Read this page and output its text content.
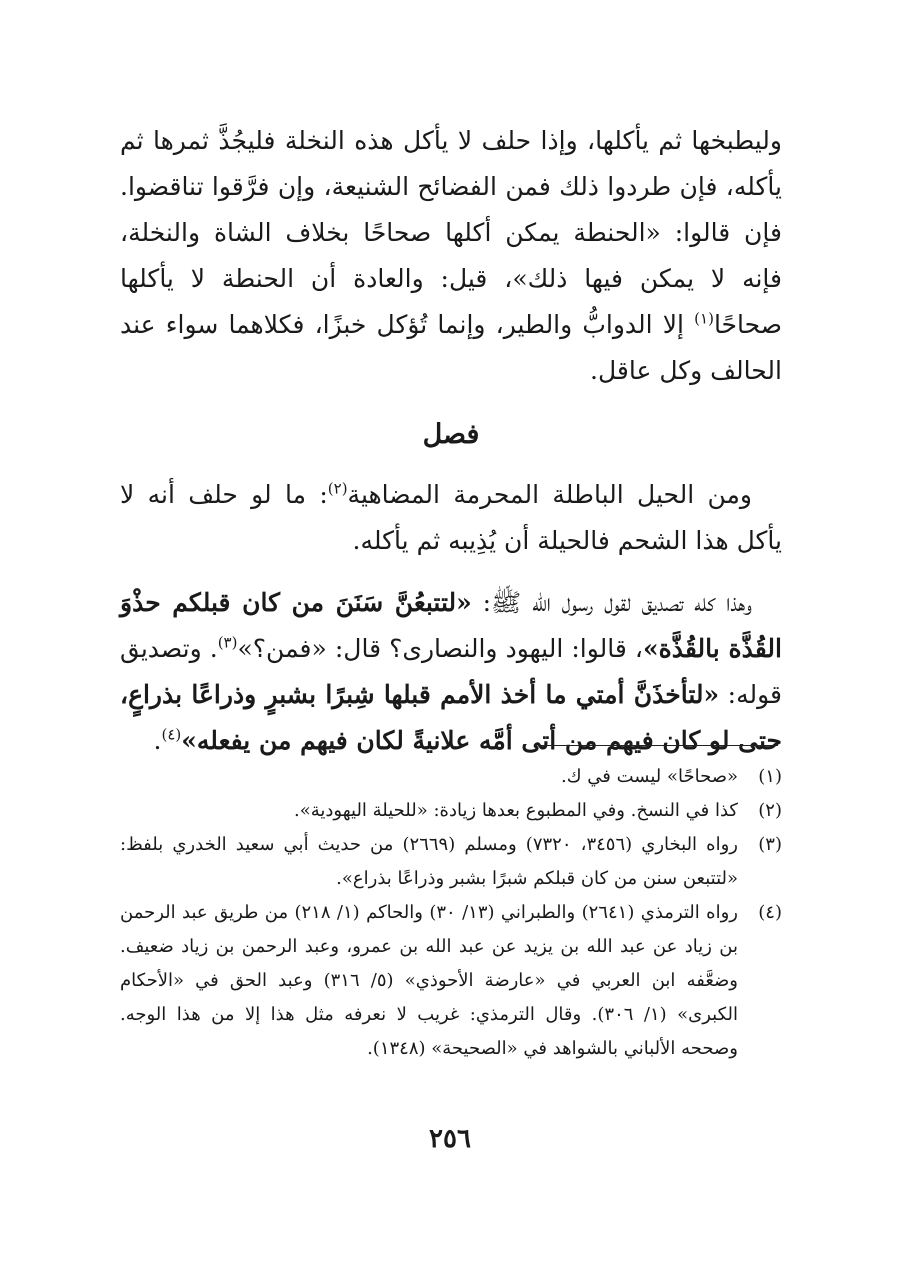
وليطبخها ثم يأكلها، وإذا حلف لا يأكل هذه النخلة فليجُذَّ ثمرها ثم يأكله، فإن طردوا ذلك فمن الفضائح الشنيعة، وإن فرَّقوا تناقضوا. فإن قالوا: «الحنطة يمكن أكلها صحاحًا بخلاف الشاة والنخلة، فإنه لا يمكن فيها ذلك»، قيل: والعادة أن الحنطة لا يأكلها صحاحًا$^{(١)}$ إلا الدوابُّ والطير، وإنما تُؤكل خبزًا، فكلاهما سواء عند الحالف وكل عاقل.

فصل

ومن الحيل الباطلة المحرمة المضاهية$^{(٢)}$: ما لو حلف أنه لا يأكل هذا الشحم فالحيلة أن يُذِيبه ثم يأكله.

وهذا كله تصديق لقول رسول الله ﷺ: «لتتبعُنَّ سَنَنَ من كان قبلكم حذْوَ القُذَّة بالقُذَّة»، قالوا: اليهود والنصارى؟ قال: «فمن؟»$^{(٣)}$. وتصديق قوله: «لتأخذَنَّ أمتي ما أخذ الأمم قبلها شِبرًا بشبرٍ وذراعًا بذراعٍ، حتى لو كان فيهم من أتى أمَّه علانيةً لكان فيهم من يفعله»$^{(٤)}$.

(١)
«صحاحًا» ليست في ك.
(٢)
كذا في النسخ. وفي المطبوع بعدها زيادة: «للحيلة اليهودية».
(٣)
رواه البخاري (٣٤٥٦، ٧٣٢٠) ومسلم (٢٦٦٩) من حديث أبي سعيد الخدري بلفظ: «لتتبعن سنن من كان قبلكم شبرًا بشبر وذراعًا بذراع».
(٤)
رواه الترمذي (٢٦٤١) والطبراني (١٣/ ٣٠) والحاكم (١/ ٢١٨) من طريق عبد الرحمن بن زياد عن عبد الله بن يزيد عن عبد الله بن عمرو، وعبد الرحمن بن زياد ضعيف. وضعَّفه ابن العربي في «عارضة الأحوذي» (٥/ ٣١٦) وعبد الحق في «الأحكام الكبرى» (١/ ٣٠٦). وقال الترمذي: غريب لا نعرفه مثل هذا إلا من هذا الوجه. وصححه الألباني بالشواهد في «الصحيحة» (١٣٤٨).
٢٥٦
